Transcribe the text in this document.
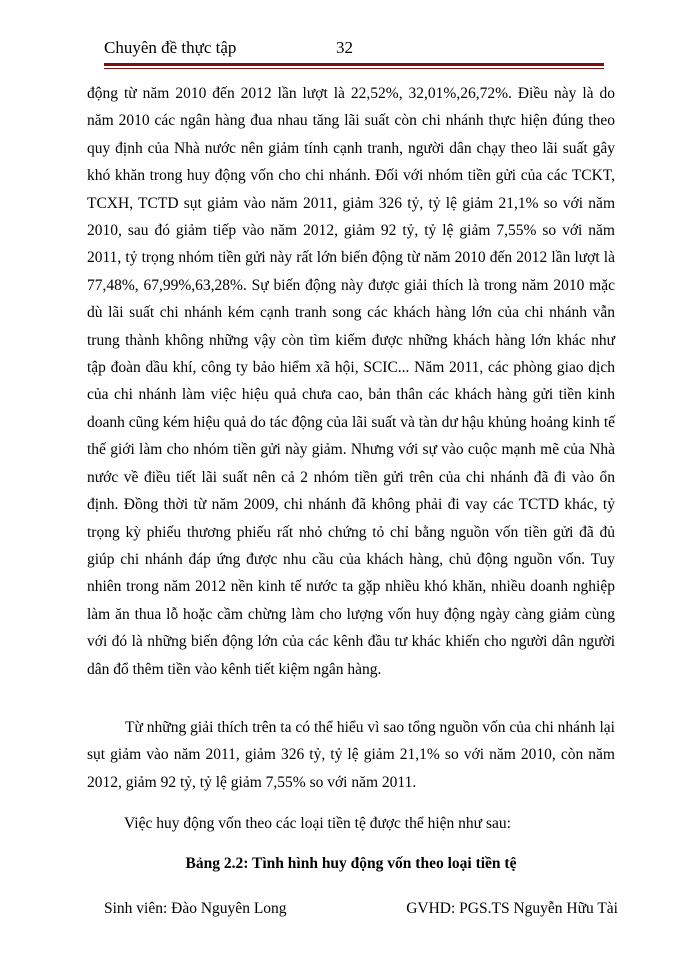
Chuyên đề thực tập	32

động từ năm 2010 đến 2012 lần lượt là 22,52%, 32,01%,26,72%. Điều này là do năm 2010 các ngân hàng đua nhau tăng lãi suất còn chi nhánh thực hiện đúng theo quy định của Nhà nước nên giảm tính cạnh tranh, người dân chạy theo lãi suất gây khó khăn trong huy động vốn cho chi nhánh. Đối với nhóm tiền gửi của các TCKT, TCXH, TCTD sụt giảm vào năm 2011, giảm 326 tỷ, tỷ lệ giảm 21,1% so với năm 2010, sau đó giảm tiếp vào năm 2012, giảm 92 tỷ, tỷ lệ giảm 7,55% so với năm 2011, tỷ trọng nhóm tiền gửi này rất lớn biến động từ năm 2010 đến 2012 lần lượt là 77,48%, 67,99%,63,28%. Sự biến động này được giải thích là trong năm 2010 mặc dù lãi suất chi nhánh kém cạnh tranh song các khách hàng lớn của chi nhánh vẫn trung thành không những vậy còn tìm kiếm được những khách hàng lớn khác như tập đoàn dầu khí, công ty bảo hiểm xã hội, SCIC... Năm 2011, các phòng giao dịch của chi nhánh làm việc hiệu quả chưa cao, bản thân các khách hàng gửi tiền kinh doanh cũng kém hiệu quả do tác động của lãi suất và tàn dư hậu khủng hoảng kinh tế thế giới làm cho nhóm tiền gửi này giảm. Nhưng với sự vào cuộc mạnh mẽ của Nhà nước về điều tiết lãi suất nên cả 2 nhóm tiền gửi trên của chi nhánh đã đi vào ổn định. Đồng thời từ năm 2009, chi nhánh đã không phải đi vay các TCTD khác, tỷ trọng kỳ phiếu thương phiếu rất nhỏ chứng tỏ chỉ bằng nguồn vốn tiền gửi đã đủ giúp chi nhánh đáp ứng được nhu cầu của khách hàng, chủ động nguồn vốn. Tuy nhiên trong năm 2012 nền kinh tế nước ta gặp nhiều khó khăn, nhiều doanh nghiệp làm ăn thua lỗ hoặc cầm chừng làm cho lượng vốn huy động ngày càng giảm cùng với đó là những biến động lớn của các kênh đầu tư khác khiến cho người dân người dân đổ thêm tiền vào kênh tiết kiệm ngân hàng.

Từ những giải thích trên ta có thể hiểu vì sao tổng nguồn vốn của chi nhánh lại sụt giảm vào năm 2011, giảm 326 tỷ, tỷ lệ giảm 21,1% so với năm 2010, còn năm 2012, giảm 92 tỷ, tỷ lệ giảm 7,55% so với năm 2011.

Việc huy động vốn theo các loại tiền tệ được thể hiện như sau:

Bảng 2.2: Tình hình huy động vốn theo loại tiền tệ

Sinh viên: Đào Nguyên Long	GVHD: PGS.TS Nguyễn Hữu Tài
